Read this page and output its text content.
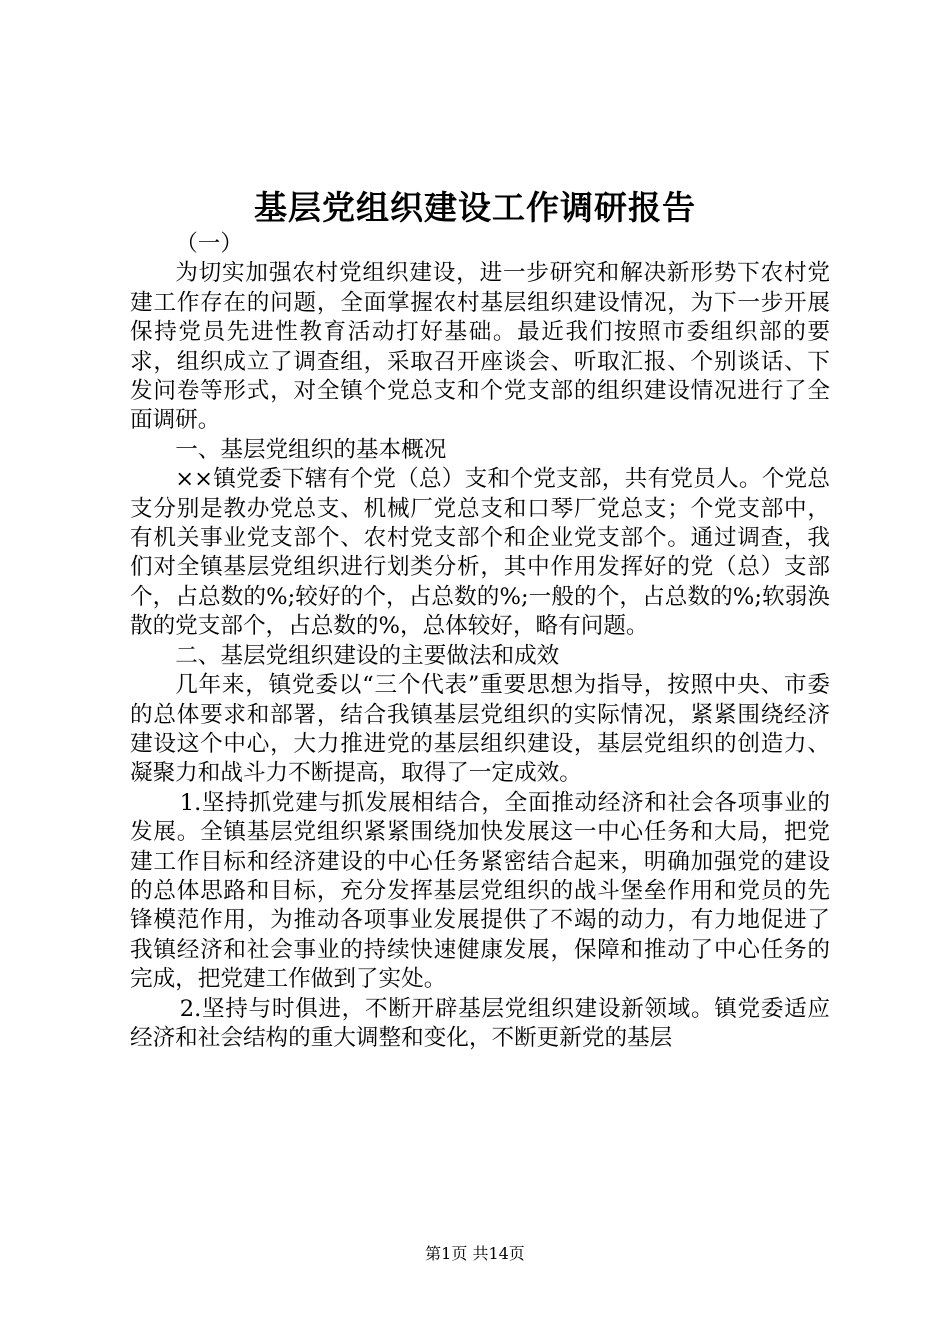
基层党组织建设工作调研报告

（一）

为切实加强农村党组织建设，进一步研究和解决新形势下农村党建工作存在的问题，全面掌握农村基层组织建设情况，为下一步开展保持党员先进性教育活动打好基础。最近我们按照市委组织部的要求，组织成立了调查组，采取召开座谈会、听取汇报、个别谈话、下发问卷等形式，对全镇个党总支和个党支部的组织建设情况进行了全面调研。

一、基层党组织的基本概况

××镇党委下辖有个党（总）支和个党支部，共有党员人。个党总支分别是教办党总支、机械厂党总支和口琴厂党总支；个党支部中，有机关事业党支部个、农村党支部个和企业党支部个。通过调查，我们对全镇基层党组织进行划类分析，其中作用发挥好的党（总）支部个，占总数的%;较好的个，占总数的%;一般的个，占总数的%;软弱涣散的党支部个，占总数的%，总体较好，略有问题。

二、基层党组织建设的主要做法和成效

几年来，镇党委以“三个代表”重要思想为指导，按照中央、市委的总体要求和部署，结合我镇基层党组织的实际情况，紧紧围绕经济建设这个中心，大力推进党的基层组织建设，基层党组织的创造力、凝聚力和战斗力不断提高，取得了一定成效。

1.坚持抓党建与抓发展相结合，全面推动经济和社会各项事业的发展。全镇基层党组织紧紧围绕加快发展这一中心任务和大局，把党建工作目标和经济建设的中心任务紧密结合起来，明确加强党的建设的总体思路和目标，充分发挥基层党组织的战斗堡垒作用和党员的先锋模范作用，为推动各项事业发展提供了不竭的动力，有力地促进了我镇经济和社会事业的持续快速健康发展，保障和推动了中心任务的完成，把党建工作做到了实处。

2.坚持与时俱进，不断开辟基层党组织建设新领域。镇党委适应经济和社会结构的重大调整和变化，不断更新党的基层

第1页 共14页
